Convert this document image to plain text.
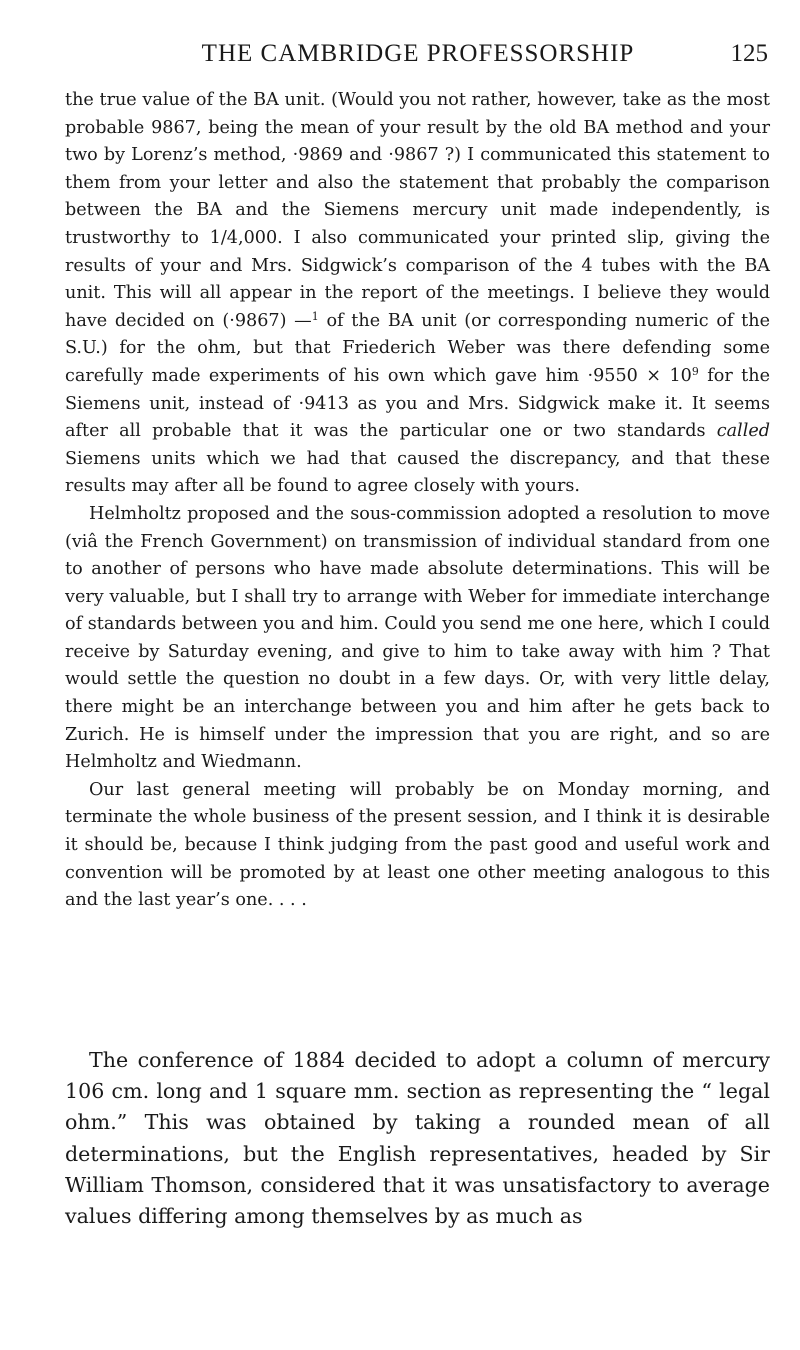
THE CAMBRIDGE PROFESSORSHIP	125

the true value of the BA unit. (Would you not rather, however, take as the most probable 9867, being the mean of your result by the old BA method and your two by Lorenz’s method, ·9869 and ·9867 ?) I communicated this statement to them from your letter and also the statement that probably the comparison between the BA and the Siemens mercury unit made independently, is trustworthy to 1/4,000. I also communicated your printed slip, giving the results of your and Mrs. Sidgwick’s comparison of the 4 tubes with the BA unit. This will all appear in the report of the meetings. I believe they would have decided on (·9867) —$^1$ of the BA unit (or corresponding numeric of the S.U.) for the ohm, but that Friederich Weber was there defending some carefully made experiments of his own which gave him $\cdot 9550 \times 10^9$ for the Siemens unit, instead of ·9413 as you and Mrs. Sidgwick make it. It seems after all probable that it was the particular one or two standards called Siemens units which we had that caused the discrepancy, and that these results may after all be found to agree closely with yours.

Helmholtz proposed and the sous-commission adopted a resolution to move (viâ the French Government) on transmission of individual standard from one to another of persons who have made absolute determinations. This will be very valuable, but I shall try to arrange with Weber for immediate interchange of standards between you and him. Could you send me one here, which I could receive by Saturday evening, and give to him to take away with him ? That would settle the question no doubt in a few days. Or, with very little delay, there might be an interchange between you and him after he gets back to Zurich. He is himself under the impression that you are right, and so are Helmholtz and Wiedmann.

Our last general meeting will probably be on Monday morning, and terminate the whole business of the present session, and I think it is desirable it should be, because I think judging from the past good and useful work and convention will be promoted by at least one other meeting analogous to this and the last year’s one. . . .

The conference of 1884 decided to adopt a column of mercury 106 cm. long and 1 square mm. section as representing the “ legal ohm.” This was obtained by taking a rounded mean of all determinations, but the English representatives, headed by Sir William Thomson, considered that it was unsatisfactory to average values differing among themselves by as much as
